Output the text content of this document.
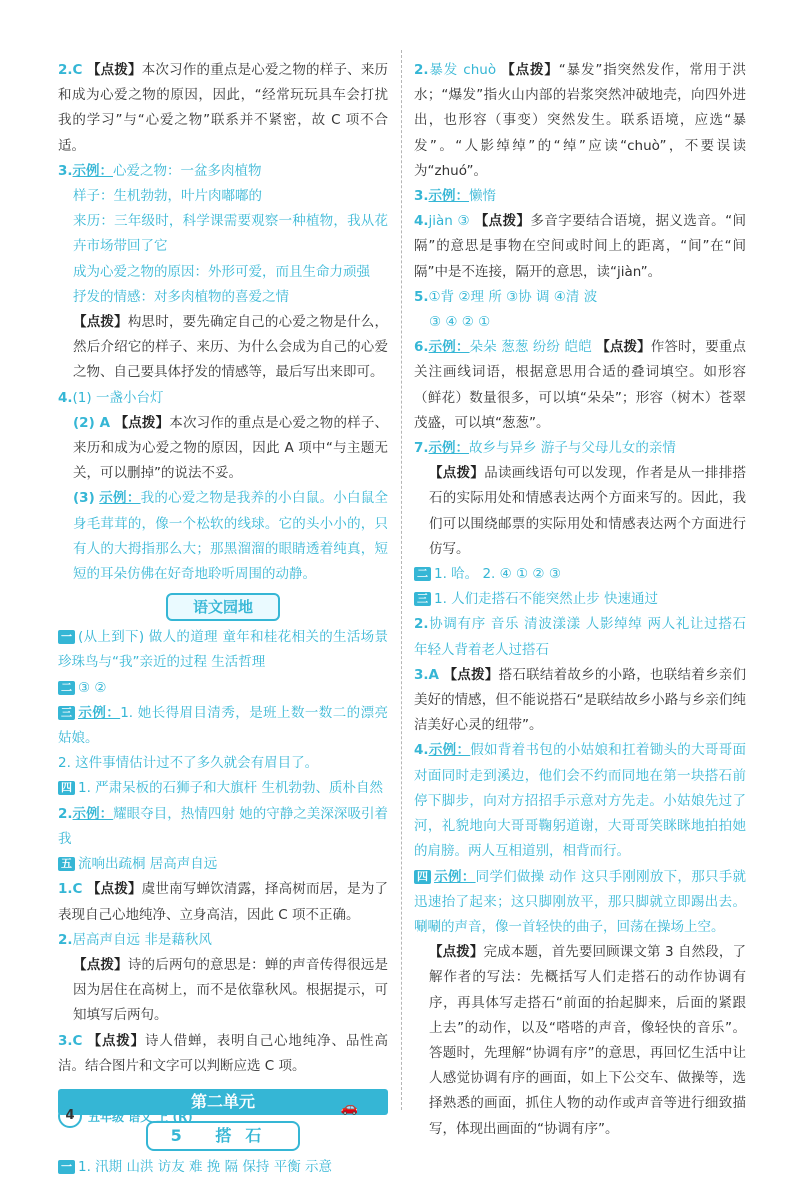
2.C 【点拨】本次习作的重点是心爱之物的样子、来历和成为心爱之物的原因，因此，“经常玩玩具车会打扰我的学习”与“心爱之物”联系并不紧密，故 C 项不合适。

3.示例：心爱之物：一盆多肉植物

样子：生机勃勃，叶片肉嘟嘟的

来历：三年级时，科学课需要观察一种植物，我从花卉市场带回了它

成为心爱之物的原因：外形可爱，而且生命力顽强

抒发的情感：对多肉植物的喜爱之情

【点拨】构思时，要先确定自己的心爱之物是什么，然后介绍它的样子、来历、为什么会成为自己的心爱之物、自己要具体抒发的情感等，最后写出来即可。

4.(1) 一盏小台灯

(2) A 【点拨】本次习作的重点是心爱之物的样子、来历和成为心爱之物的原因，因此 A 项中“与主题无关，可以删掉”的说法不妥。

(3) 示例：我的心爱之物是我养的小白鼠。小白鼠全身毛茸茸的，像一个松软的线球。它的头小小的，只有人的大拇指那么大；那黑溜溜的眼睛透着纯真，短短的耳朵仿佛在好奇地聆听周围的动静。

语文园地

一 (从上到下) 做人的道理 童年和桂花相关的生活场景 珍珠鸟与“我”亲近的过程 生活哲理

二 ③ ②

三 示例：1. 她长得眉目清秀，是班上数一数二的漂亮姑娘。

2. 这件事情估计过不了多久就会有眉目了。

四 1. 严肃呆板的石狮子和大旗杆 生机勃勃、质朴自然

2.示例：耀眼夺目，热情四射 她的守静之美深深吸引着我

五 流响出疏桐 居高声自远

1.C 【点拨】虞世南写蝉饮清露，择高树而居，是为了表现自己心地纯净、立身高洁，因此 C 项不正确。

2.居高声自远 非是藉秋风

【点拨】诗的后两句的意思是：蝉的声音传得很远是因为居住在高树上，而不是依靠秋风。根据提示，可知填写后两句。

3.C 【点拨】诗人借蝉，表明自己心地纯净、品性高洁。结合图片和文字可以判断应选 C 项。

第二单元	🚗
5 搭石

一 1. 汛期 山洪 访友 难 挽 隔 保持 平衡 示意

2.暴发 chuò 【点拨】“暴发”指突然发作，常用于洪水；“爆发”指火山内部的岩浆突然冲破地壳，向四外进出，也形容（事变）突然发生。联系语境，应选“暴发”。“人影绰绰”的“绰”应读“chuò”，不要误读为“zhuó”。

3.示例：懒惰

4.jiàn ③ 【点拨】多音字要结合语境，据义选音。“间隔”的意思是事物在空间或时间上的距离，“间”在“间隔”中是不连接，隔开的意思，读“jiàn”。

5.①背 ②理 所 ③协 调 ④清 波

③ ④ ② ①

6.示例：朵朵 葱葱 纷纷 皑皑 【点拨】作答时，要重点关注画线词语，根据意思用合适的叠词填空。如形容（鲜花）数量很多，可以填“朵朵”；形容（树木）苍翠茂盛，可以填“葱葱”。

7.示例：故乡与异乡 游子与父母儿女的亲情

【点拨】品读画线语句可以发现，作者是从一排排搭石的实际用处和情感表达两个方面来写的。因此，我们可以围绕邮票的实际用处和情感表达两个方面进行仿写。

二 1. 哈。 2. ④ ① ② ③

三 1. 人们走搭石不能突然止步 快速通过

2.协调有序 音乐 清波漾漾 人影绰绰 两人礼让过搭石 年轻人背着老人过搭石

3.A 【点拨】搭石联结着故乡的小路，也联结着乡亲们美好的情感，但不能说搭石“是联结故乡小路与乡亲们纯洁美好心灵的纽带”。

4.示例：假如背着书包的小姑娘和扛着锄头的大哥哥面对面同时走到溪边，他们会不约而同地在第一块搭石前停下脚步，向对方招招手示意对方先走。小姑娘先过了河，礼貌地向大哥哥鞠躬道谢，大哥哥笑眯眯地拍拍她的肩膀。两人互相道别，相背而行。

四 示例：同学们做操 动作 这只手刚刚放下，那只手就迅速抬了起来；这只脚刚放平，那只脚就立即踢出去。唰唰的声音，像一首轻快的曲子，回荡在操场上空。

【点拨】完成本题，首先要回顾课文第 3 自然段，了解作者的写法：先概括写人们走搭石的动作协调有序，再具体写走搭石“前面的抬起脚来，后面的紧跟上去”的动作，以及“嗒嗒的声音，像轻快的音乐”。答题时，先理解“协调有序”的意思，再回忆生活中让人感觉协调有序的画面，如上下公交车、做操等，选择熟悉的画面，抓住人物的动作或声音等进行细致描写，体现出画面的“协调有序”。

4	五年级 语文 上 (R)
